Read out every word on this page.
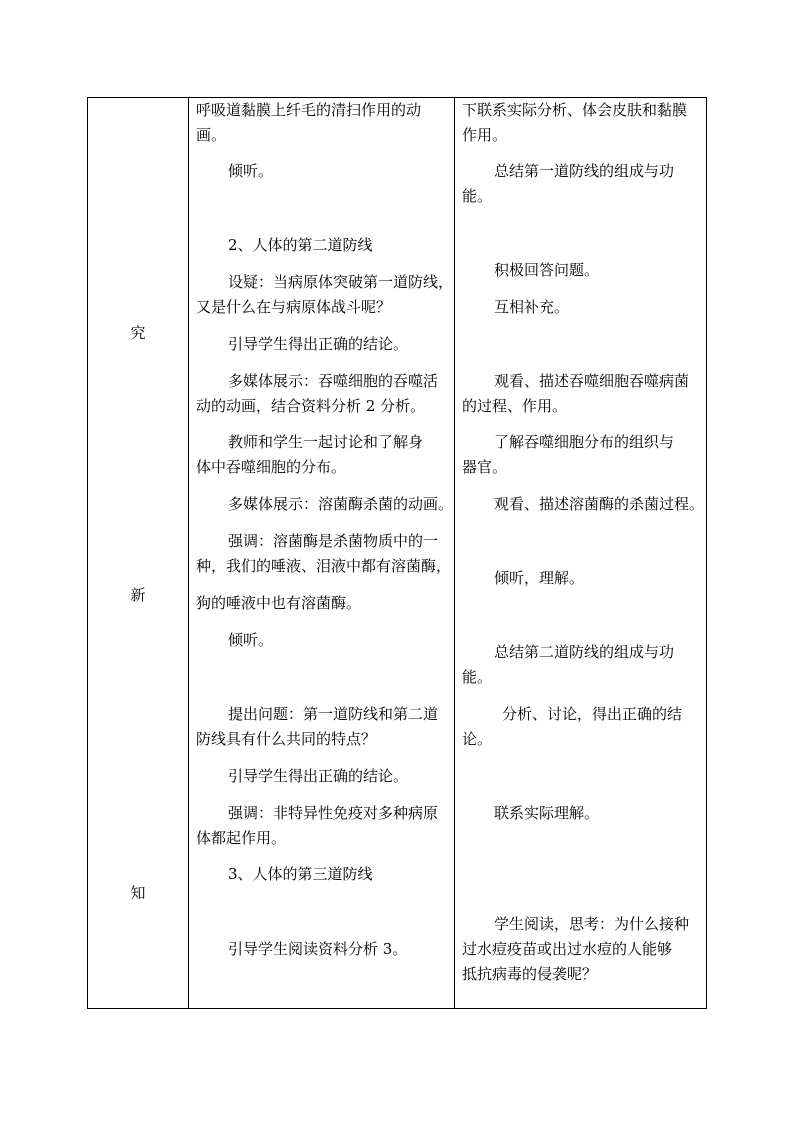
究
新
知
呼吸道黏膜上纤毛的清扫作用的动
画。
倾听。
2、人体的第二道防线
设疑：当病原体突破第一道防线，
又是什么在与病原体战斗呢？
引导学生得出正确的结论。
多媒体展示：吞噬细胞的吞噬活
动的动画，结合资料分析 2 分析。
教师和学生一起讨论和了解身
体中吞噬细胞的分布。
多媒体展示：溶菌酶杀菌的动画。
强调：溶菌酶是杀菌物质中的一
种，我们的唾液、泪液中都有溶菌酶，
狗的唾液中也有溶菌酶。
倾听。
提出问题：第一道防线和第二道
防线具有什么共同的特点？
引导学生得出正确的结论。
强调：非特异性免疫对多种病原
体都起作用。
3、人体的第三道防线
引导学生阅读资料分析 3。
下联系实际分析、体会皮肤和黏膜
作用。
总结第一道防线的组成与功
能。
积极回答问题。
互相补充。
观看、描述吞噬细胞吞噬病菌
的过程、作用。
了解吞噬细胞分布的组织与
器官。
观看、描述溶菌酶的杀菌过程。
倾听，理解。
总结第二道防线的组成与功
能。
分析、讨论，得出正确的结
论。
联系实际理解。
学生阅读，思考：为什么接种
过水痘疫苗或出过水痘的人能够
抵抗病毒的侵袭呢？
